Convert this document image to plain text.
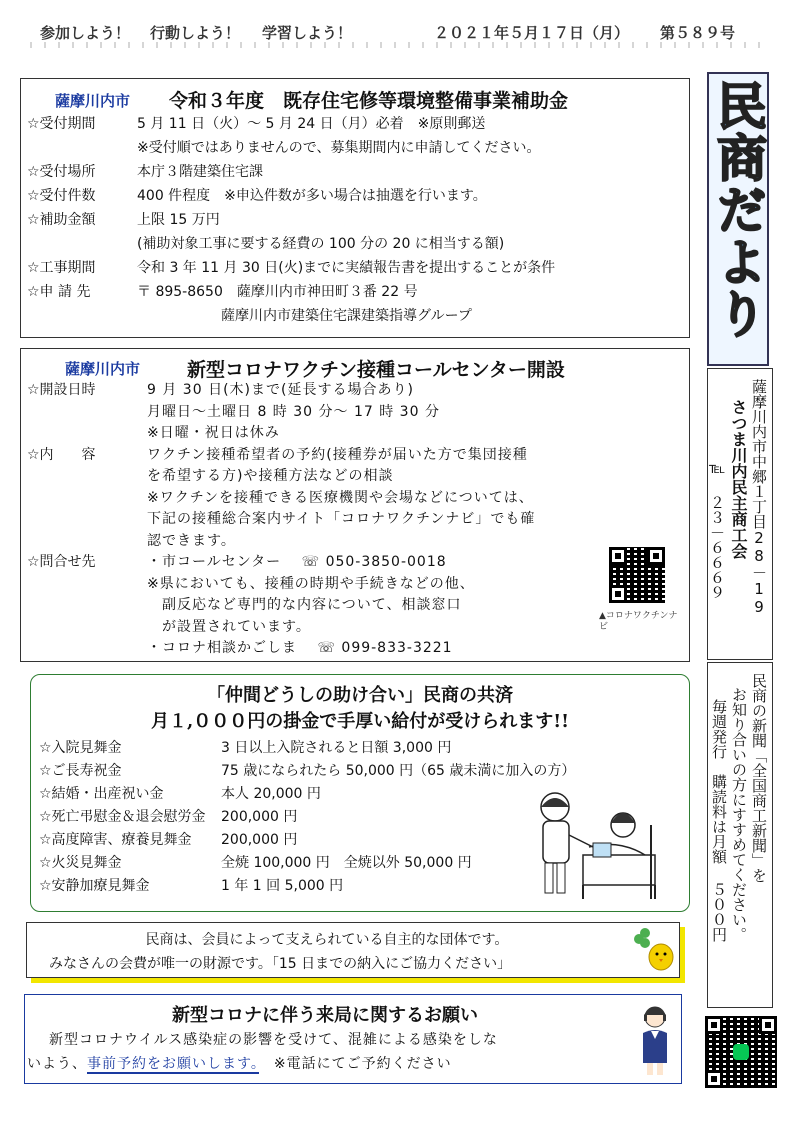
参加しよう！ 行動しよう！ 学習しよう！	２０２１年５月１７日（月） 第５８９号
薩摩川内市 令和３年度　既存住宅修等環境整備事業補助金
☆受付期間	5 月 11 日（火）～ 5 月 24 日（月）必着　※原則郵送
※受付順ではありませんので、募集期間内に申請してください。
☆受付場所	本庁３階建築住宅課
☆受付件数	400 件程度　※申込件数が多い場合は抽選を行います。
☆補助金額	上限 15 万円
(補助対象工事に要する経費の 100 分の 20 に相当する額)
☆工事期間	令和 3 年 11 月 30 日(火)までに実績報告書を提出することが条件
☆申 請 先	〒 895-8650　薩摩川内市神田町３番 22 号
　　　　　　薩摩川内市建築住宅課建築指導グループ
薩摩川内市 新型コロナワクチン接種コールセンター開設
☆開設日時	9 月 30 日(木)まで(延長する場合あり)
月曜日～土曜日 8 時 30 分～ 17 時 30 分
※日曜・祝日は休み
☆内　　容	ワクチン接種希望者の予約(接種券が届いた方で集団接種
を希望する方)や接種方法などの相談
※ワクチンを接種できる医療機関や会場などについては、
下記の接種総合案内サイト「コロナワクチンナビ」でも確
認できます。
☆問合せ先	・市コールセンター　 ☏ 050-3850-0018
※県においても、接種の時期や手続きなどの他、
　副反応など専門的な内容について、相談窓口
　が設置されています。
・コロナ相談かごしま　 ☏ 099-833-3221
▲コロナワクチンナビ
「仲間どうしの助け合い」民商の共済
月１,０００円の掛金で手厚い給付が受けられます!!
☆入院見舞金	3 日以上入院されると日額 3,000 円
☆ご長寿祝金	75 歳になられたら 50,000 円（65 歳未満に加入の方）
☆結婚・出産祝い金	本人 20,000 円
☆死亡弔慰金＆退会慰労金 200,000 円
☆高度障害、療養見舞金 200,000 円
☆火災見舞金	全焼 100,000 円　全焼以外 50,000 円
☆安静加療見舞金	1 年 1 回 5,000 円
民商は、会員によって支えられている自主的な団体です。
みなさんの会費が唯一の財源です。「15 日までの納入にご協力ください」
新型コロナに伴う来局に関するお願い
新型コロナウイルス感染症の影響を受けて、混雑による感染をしな
いよう、事前予約をお願いします。　※電話にてご予約ください
民商だより
薩摩川内市中郷１丁目28－19
さつま川内民主商工会
℡ ２３－６６６９
民商の新聞「全国商工新聞」を
お知り合いの方にすすめてください。
毎週発行　購読料は月額 ５００円
